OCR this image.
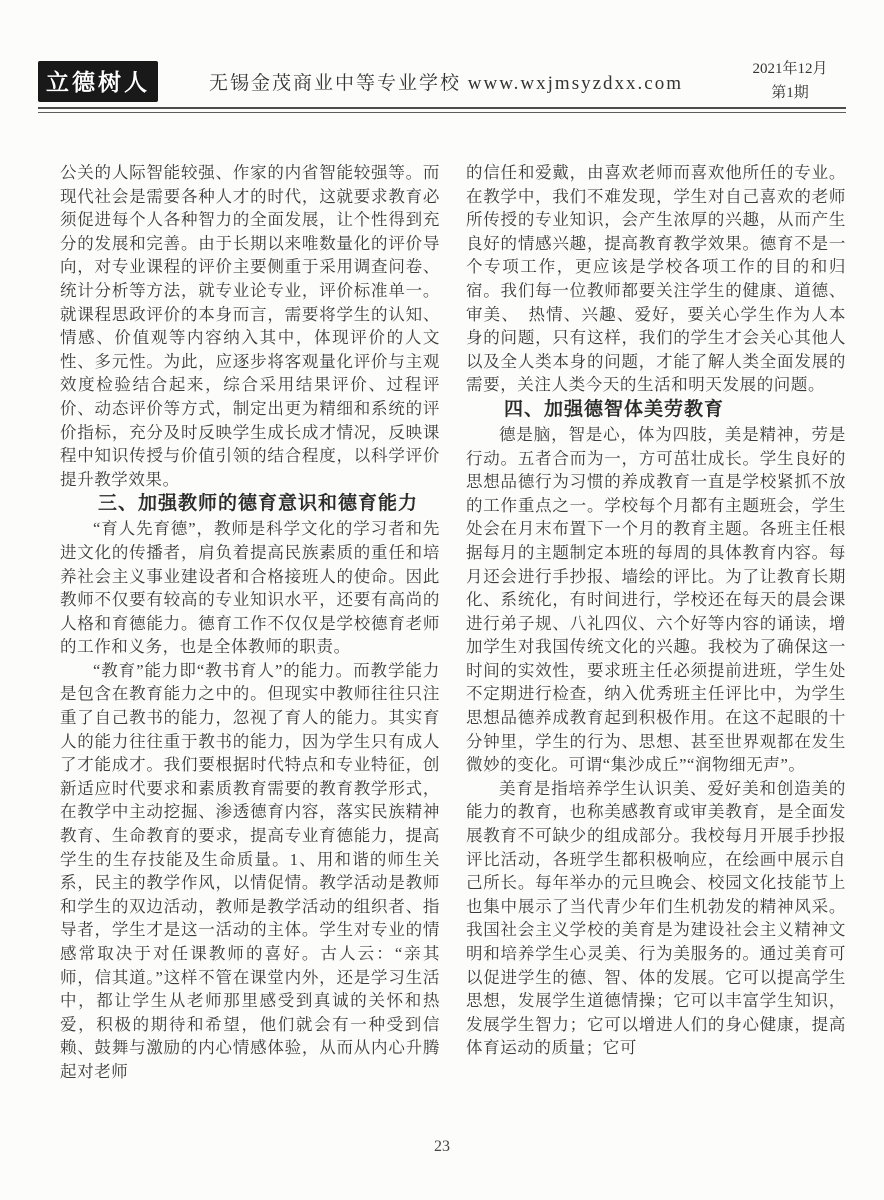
立德树人	无锡金茂商业中等专业学校 www.wxjmsyzdxx.com
2021年12月
第1期

公关的人际智能较强、作家的内省智能较强等。而现代社会是需要各种人才的时代，这就要求教育必须促进每个人各种智力的全面发展，让个性得到充分的发展和完善。由于长期以来唯数量化的评价导向，对专业课程的评价主要侧重于采用调查问卷、统计分析等方法，就专业论专业，评价标准单一。就课程思政评价的本身而言，需要将学生的认知、情感、价值观等内容纳入其中，体现评价的人文性、多元性。为此，应逐步将客观量化评价与主观效度检验结合起来，综合采用结果评价、过程评价、动态评价等方式，制定出更为精细和系统的评价指标，充分及时反映学生成长成才情况，反映课程中知识传授与价值引领的结合程度，以科学评价提升教学效果。

三、加强教师的德育意识和德育能力

“育人先育德”，教师是科学文化的学习者和先进文化的传播者，肩负着提高民族素质的重任和培养社会主义事业建设者和合格接班人的使命。因此教师不仅要有较高的专业知识水平，还要有高尚的人格和育德能力。德育工作不仅仅是学校德育老师的工作和义务，也是全体教师的职责。

“教育”能力即“教书育人”的能力。而教学能力是包含在教育能力之中的。但现实中教师往往只注重了自己教书的能力，忽视了育人的能力。其实育人的能力往往重于教书的能力，因为学生只有成人了才能成才。我们要根据时代特点和专业特征，创新适应时代要求和素质教育需要的教育教学形式，在教学中主动挖掘、渗透德育内容，落实民族精神教育、生命教育的要求，提高专业育德能力，提高学生的生存技能及生命质量。1、用和谐的师生关系，民主的教学作风，以情促情。教学活动是教师和学生的双边活动，教师是教学活动的组织者、指导者，学生才是这一活动的主体。学生对专业的情感常取决于对任课教师的喜好。古人云：“亲其师，信其道。”这样不管在课堂内外，还是学习生活中，都让学生从老师那里感受到真诚的关怀和热爱，积极的期待和希望，他们就会有一种受到信赖、鼓舞与激励的内心情感体验，从而从内心升腾起对老师

的信任和爱戴，由喜欢老师而喜欢他所任的专业。在教学中，我们不难发现，学生对自己喜欢的老师所传授的专业知识，会产生浓厚的兴趣，从而产生良好的情感兴趣，提高教育教学效果。德育不是一个专项工作，更应该是学校各项工作的目的和归宿。我们每一位教师都要关注学生的健康、道德、审美、　热情、兴趣、爱好，要关心学生作为人本身的问题，只有这样，我们的学生才会关心其他人以及全人类本身的问题，才能了解人类全面发展的需要，关注人类今天的生活和明天发展的问题。

四、加强德智体美劳教育

德是脑，智是心，体为四肢，美是精神，劳是行动。五者合而为一，方可茁壮成长。学生良好的思想品德行为习惯的养成教育一直是学校紧抓不放的工作重点之一。学校每个月都有主题班会，学生处会在月末布置下一个月的教育主题。各班主任根据每月的主题制定本班的每周的具体教育内容。每月还会进行手抄报、墙绘的评比。为了让教育长期化、系统化，有时间进行，学校还在每天的晨会课进行弟子规、八礼四仪、六个好等内容的诵读，增加学生对我国传统文化的兴趣。我校为了确保这一时间的实效性，要求班主任必须提前进班，学生处不定期进行检查，纳入优秀班主任评比中，为学生思想品德养成教育起到积极作用。在这不起眼的十分钟里，学生的行为、思想、甚至世界观都在发生微妙的变化。可谓“集沙成丘”“润物细无声”。

美育是指培养学生认识美、爱好美和创造美的能力的教育，也称美感教育或审美教育，是全面发展教育不可缺少的组成部分。我校每月开展手抄报评比活动，各班学生都积极响应，在绘画中展示自己所长。每年举办的元旦晚会、校园文化技能节上也集中展示了当代青少年们生机勃发的精神风采。我国社会主义学校的美育是为建设社会主义精神文明和培养学生心灵美、行为美服务的。通过美育可以促进学生的德、智、体的发展。它可以提高学生思想，发展学生道德情操；它可以丰富学生知识，发展学生智力；它可以增进人们的身心健康，提高体育运动的质量；它可

23
